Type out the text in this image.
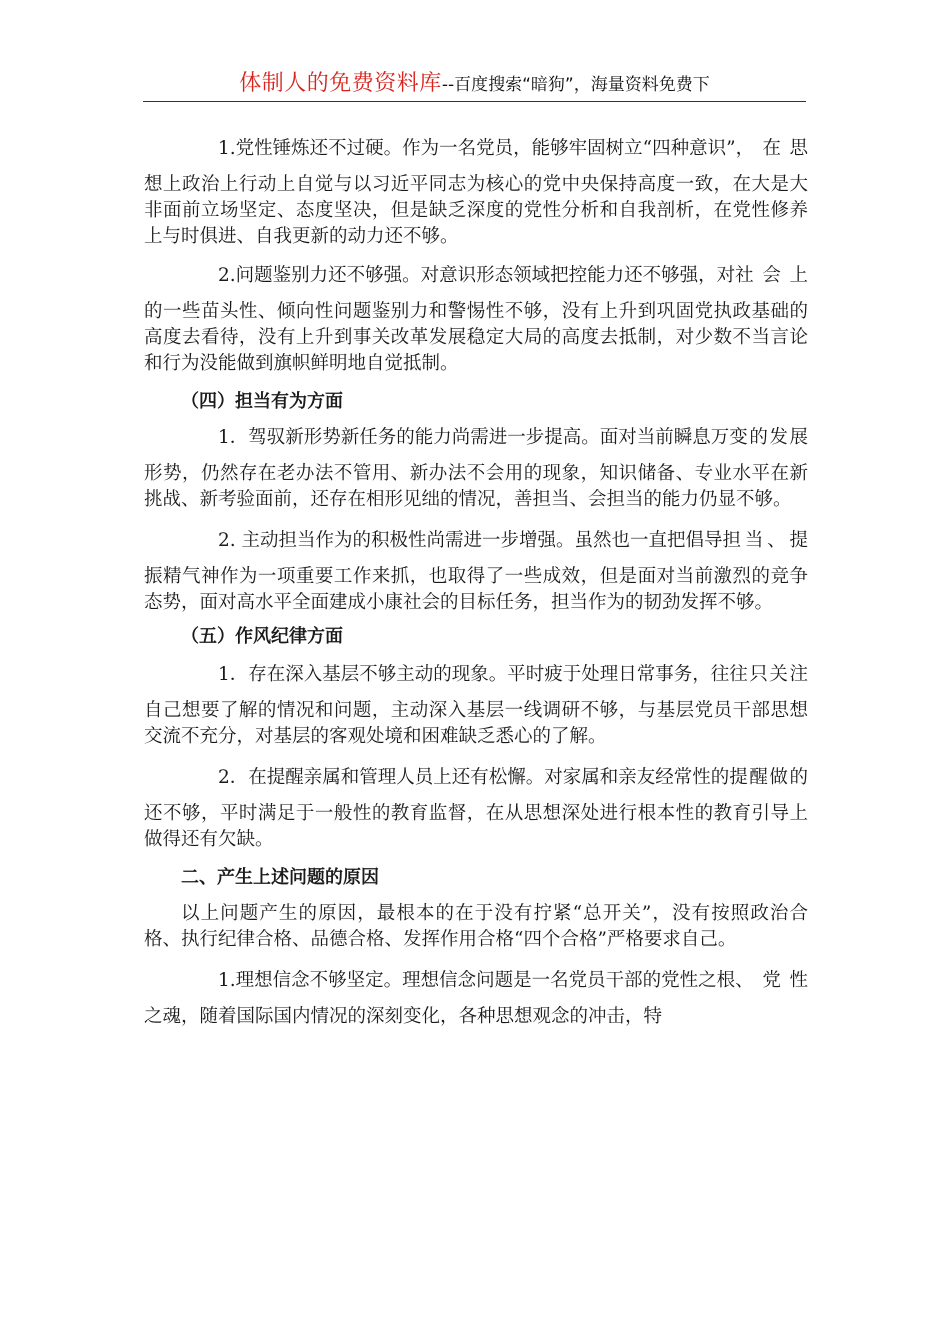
体制人的免费资料库--百度搜索“暗狗”，海量资料免费下

1.党性锤炼还不过硬。作为一名党员，能够牢固树立“四种意识”，在思想上政治上行动上自觉与以习近平同志为核心的党中央保持高度一致，在大是大非面前立场坚定、态度坚决，但是缺乏深度的党性分析和自我剖析，在党性修养上与时俱进、自我更新的动力还不够。

2.问题鉴别力还不够强。对意识形态领域把控能力还不够强，对社会上的一些苗头性、倾向性问题鉴别力和警惕性不够，没有上升到巩固党执政基础的高度去看待，没有上升到事关改革发展稳定大局的高度去抵制，对少数不当言论和行为没能做到旗帜鲜明地自觉抵制。

（四）担当有为方面

1．驾驭新形势新任务的能力尚需进一步提高。面对当前瞬息万变的发展形势，仍然存在老办法不管用、新办法不会用的现象，知识储备、专业水平在新挑战、新考验面前，还存在相形见绌的情况，善担当、会担当的能力仍显不够。

2. 主动担当作为的积极性尚需进一步增强。虽然也一直把倡导担当、提振精气神作为一项重要工作来抓，也取得了一些成效，但是面对当前激烈的竞争态势，面对高水平全面建成小康社会的目标任务，担当作为的韧劲发挥不够。

（五）作风纪律方面

1．存在深入基层不够主动的现象。平时疲于处理日常事务，往往只关注自己想要了解的情况和问题，主动深入基层一线调研不够，与基层党员干部思想交流不充分，对基层的客观处境和困难缺乏悉心的了解。

2．在提醒亲属和管理人员上还有松懈。对家属和亲友经常性的提醒做的还不够，平时满足于一般性的教育监督，在从思想深处进行根本性的教育引导上做得还有欠缺。

二、产生上述问题的原因

以上问题产生的原因，最根本的在于没有拧紧“总开关”，没有按照政治合格、执行纪律合格、品德合格、发挥作用合格“四个合格”严格要求自己。

1.理想信念不够坚定。理想信念问题是一名党员干部的党性之根、党性之魂，随着国际国内情况的深刻变化，各种思想观念的冲击，特
